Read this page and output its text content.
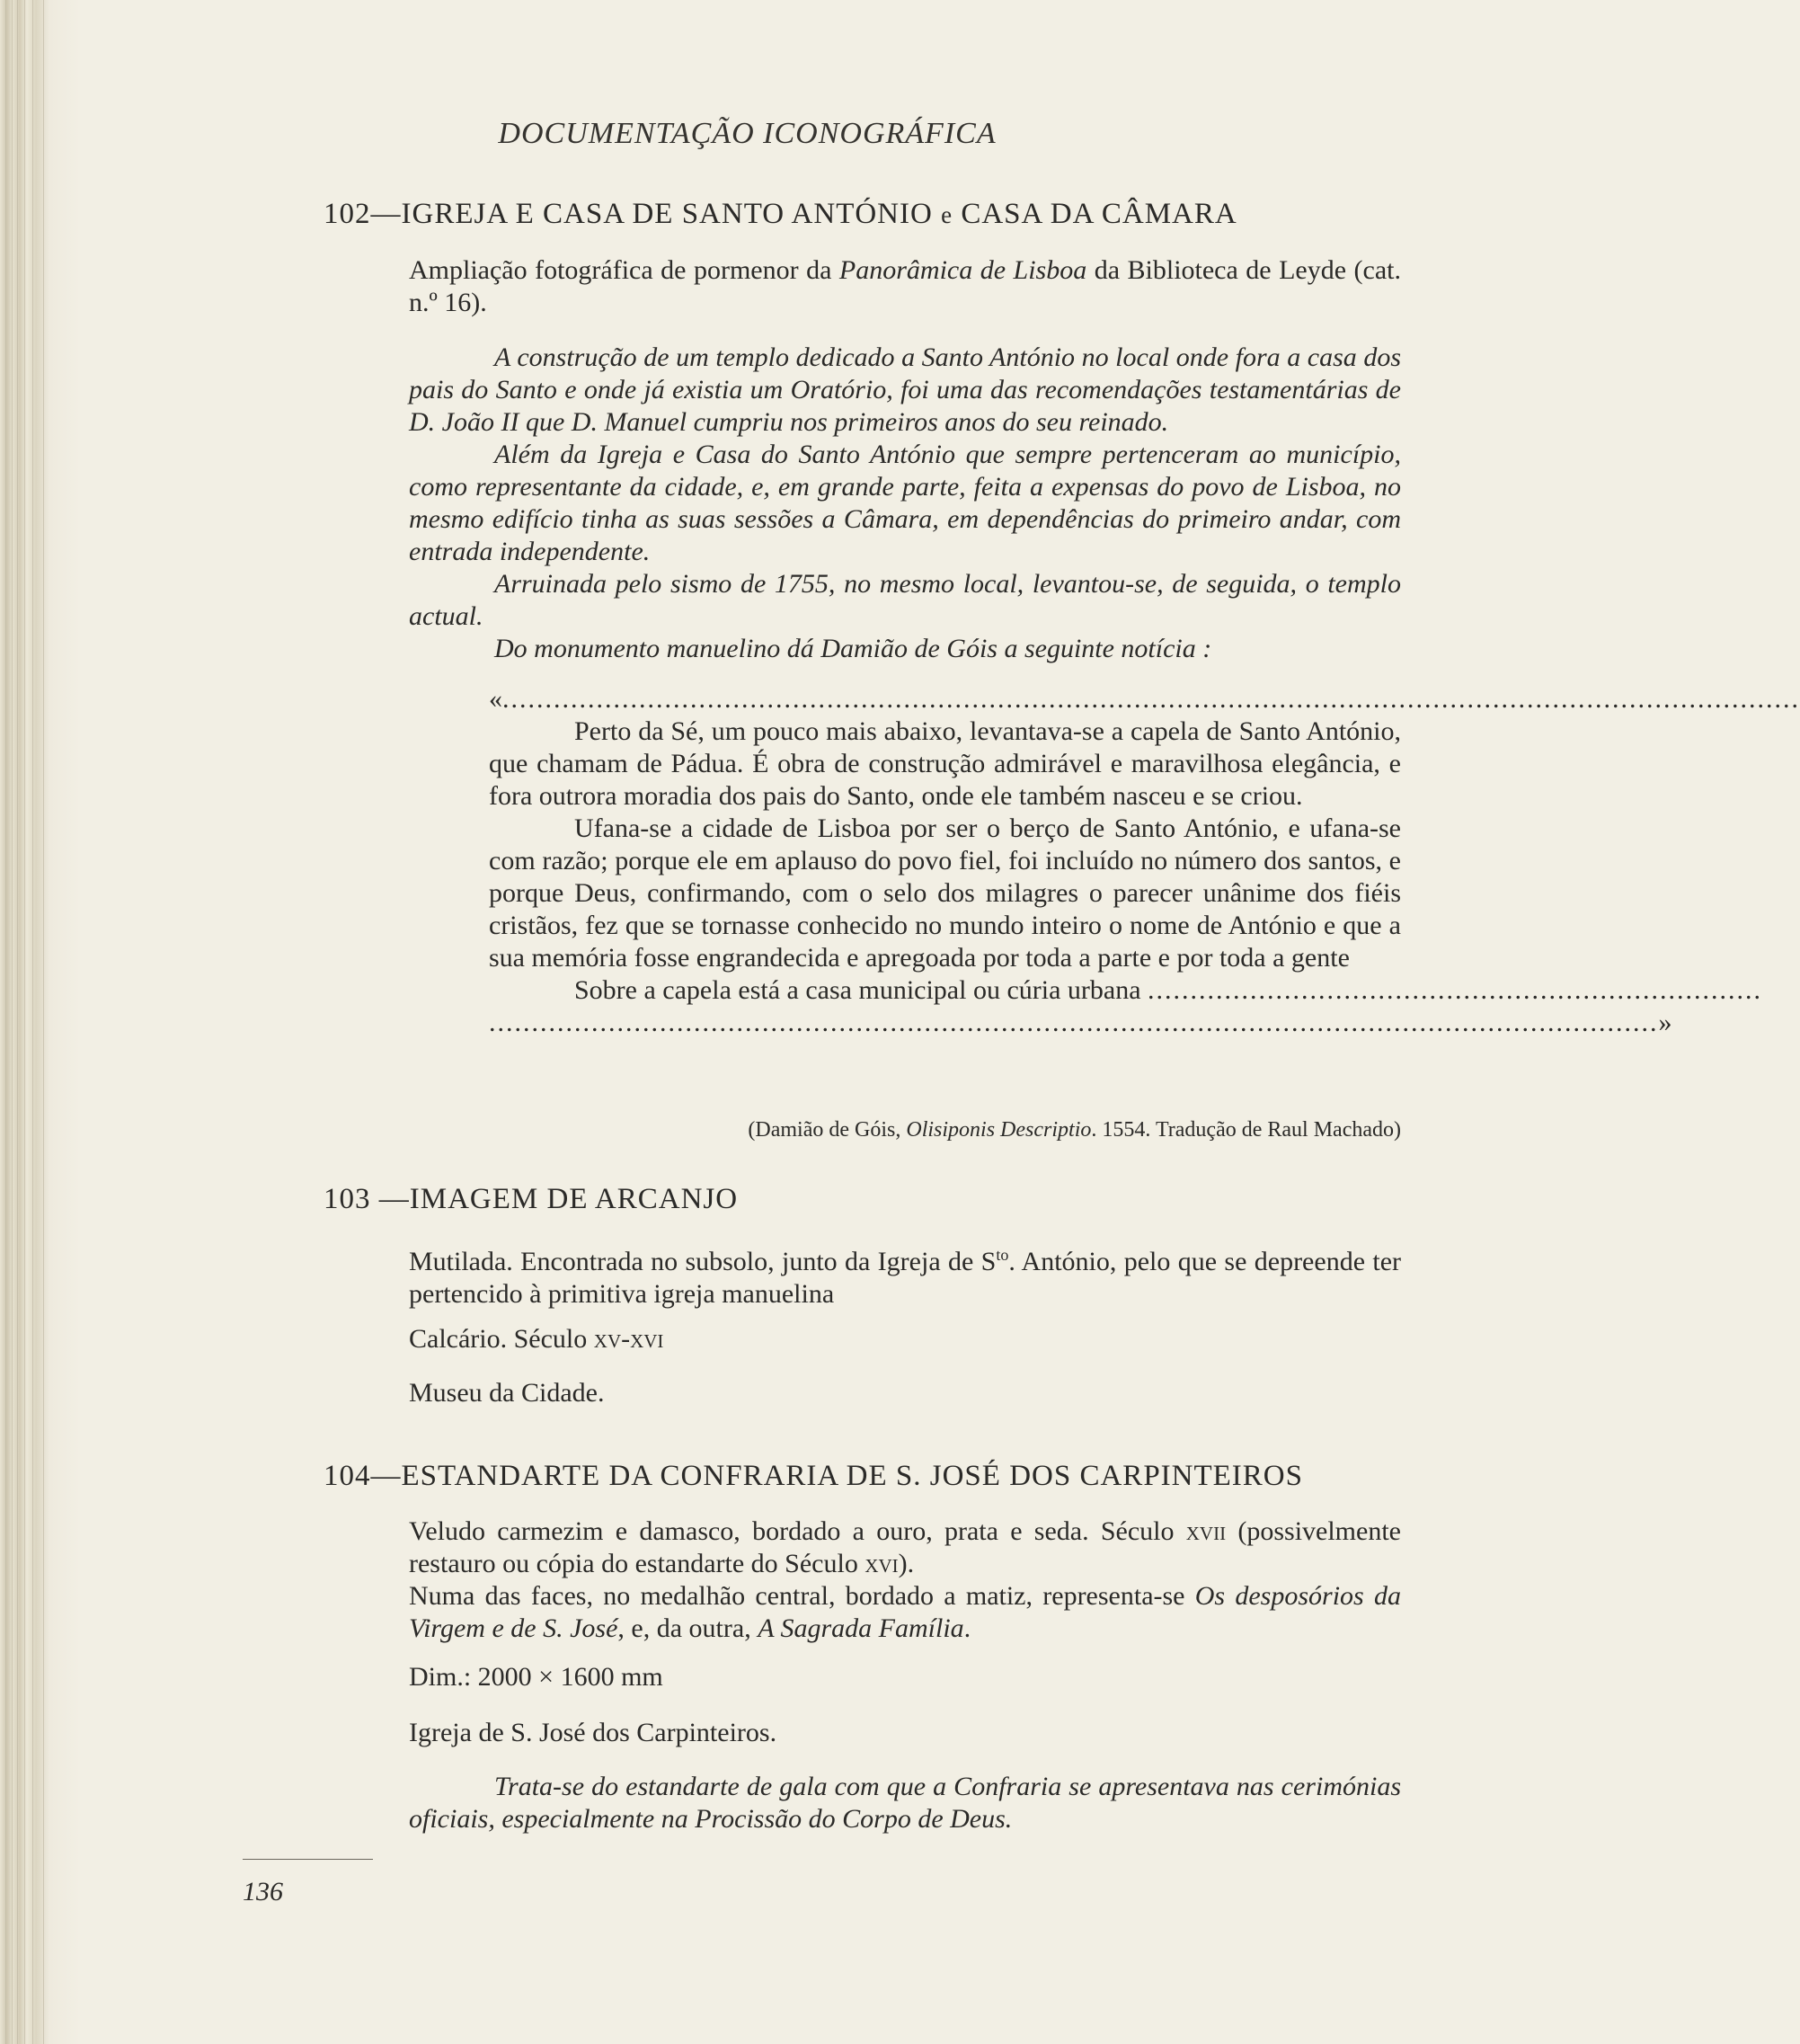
DOCUMENTAÇÃO ICONOGRÁFICA
102—IGREJA E CASA DE SANTO ANTÓNIO e CASA DA CÂMARA

Ampliação fotográfica de pormenor da Panorâmica de Lisboa da Biblioteca de Leyde (cat. n.º 16).

A construção de um templo dedicado a Santo António no local onde fora a casa dos pais do Santo e onde já existia um Oratório, foi uma das recomendações testamentárias de D. João II que D. Manuel cumpriu nos primeiros anos do seu reinado.

Além da Igreja e Casa do Santo António que sempre pertenceram ao município, como representante da cidade, e, em grande parte, feita a expensas do povo de Lisboa, no mesmo edifício tinha as suas sessões a Câmara, em dependências do primeiro andar, com entrada independente.

Arruinada pelo sismo de 1755, no mesmo local, levantou-se, de seguida, o templo actual.

Do monumento manuelino dá Damião de Góis a seguinte notícia :

«........................................................................................................................................................

Perto da Sé, um pouco mais abaixo, levantava-se a capela de Santo António, que chamam de Pádua. É obra de construção admirável e maravilhosa elegância, e fora outrora moradia dos pais do Santo, onde ele também nasceu e se criou.

Ufana-se a cidade de Lisboa por ser o berço de Santo António, e ufana-se com razão; porque ele em aplauso do povo fiel, foi incluído no número dos santos, e porque Deus, confirmando, com o selo dos milagres o parecer unânime dos fiéis cristãos, fez que se tornasse conhecido no mundo inteiro o nome de António e que a sua memória fosse engrandecida e apregoada por toda a parte e por toda a gente

Sobre a capela está a casa municipal ou cúria urbana ........................................................................

.........................................................................................................................................»

(Damião de Góis, Olisiponis Descriptio. 1554. Tradução de Raul Machado)
103 —IMAGEM DE ARCANJO

Mutilada. Encontrada no subsolo, junto da Igreja de $S^{to}$. António, pelo que se depreende ter pertencido à primitiva igreja manuelina

Calcário. Século xv-xvi

Museu da Cidade.

104—ESTANDARTE DA CONFRARIA DE S. JOSÉ DOS CARPINTEIROS

Veludo carmezim e damasco, bordado a ouro, prata e seda. Século xvii (possivelmente restauro ou cópia do estandarte do Século xvi).

Numa das faces, no medalhão central, bordado a matiz, representa-se Os desposórios da Virgem e de S. José, e, da outra, A Sagrada Família.

Dim.: 2000 × 1600 mm

Igreja de S. José dos Carpinteiros.

Trata-se do estandarte de gala com que a Confraria se apresentava nas cerimónias oficiais, especialmente na Procissão do Corpo de Deus.

136
